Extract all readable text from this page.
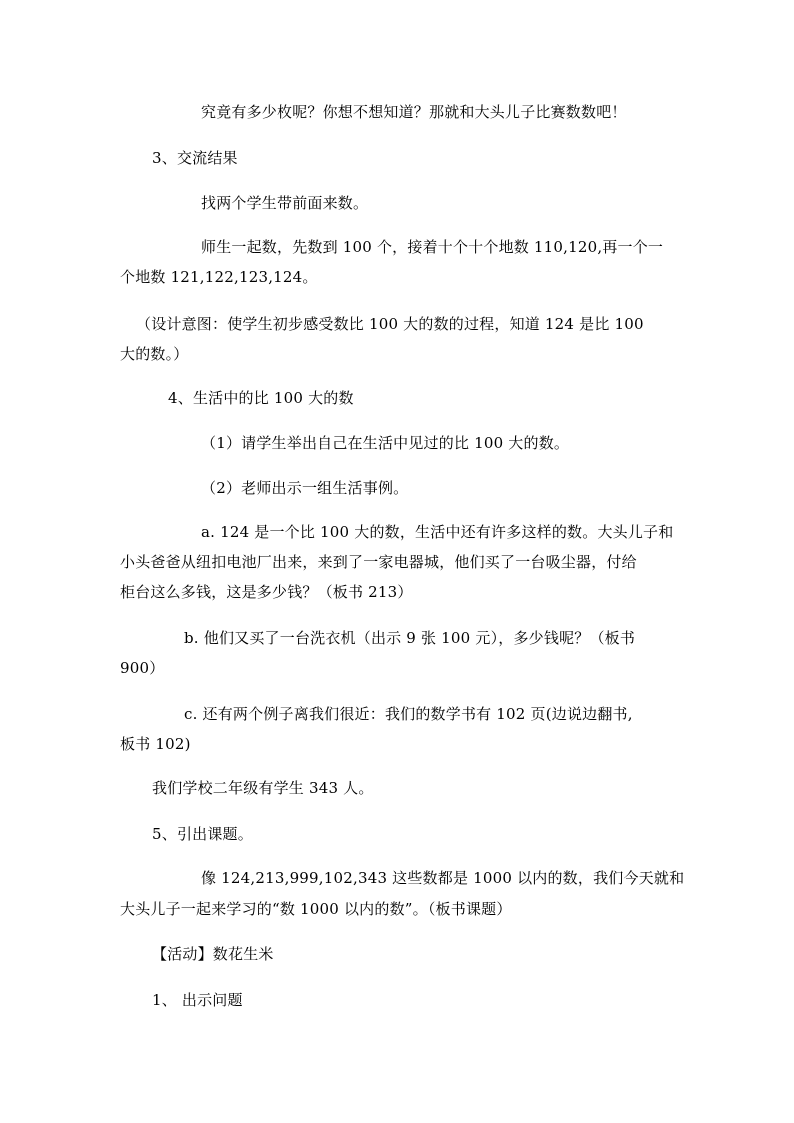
究竟有多少枚呢？你想不想知道？那就和大头儿子比赛数数吧！
3、交流结果
找两个学生带前面来数。
师生一起数，先数到 100 个，接着十个十个地数 110,120,再一个一
个地数 121,122,123,124。
（设计意图：使学生初步感受数比 100 大的数的过程，知道 124 是比 100
大的数。）
4、生活中的比 100 大的数
（1）请学生举出自己在生活中见过的比 100 大的数。
（2）老师出示一组生活事例。
a. 124 是一个比 100 大的数，生活中还有许多这样的数。大头儿子和
小头爸爸从纽扣电池厂出来，来到了一家电器城，他们买了一台吸尘器，付给
柜台这么多钱，这是多少钱？（板书 213）
b. 他们又买了一台洗衣机（出示 9 张 100 元），多少钱呢？（板书
900）
c. 还有两个例子离我们很近：我们的数学书有 102 页(边说边翻书,
板书 102)
我们学校二年级有学生 343 人。
5、引出课题。
像 124,213,999,102,343 这些数都是 1000 以内的数，我们今天就和
大头儿子一起来学习的“数 1000 以内的数”。（板书课题）
【活动】数花生米
1、 出示问题
